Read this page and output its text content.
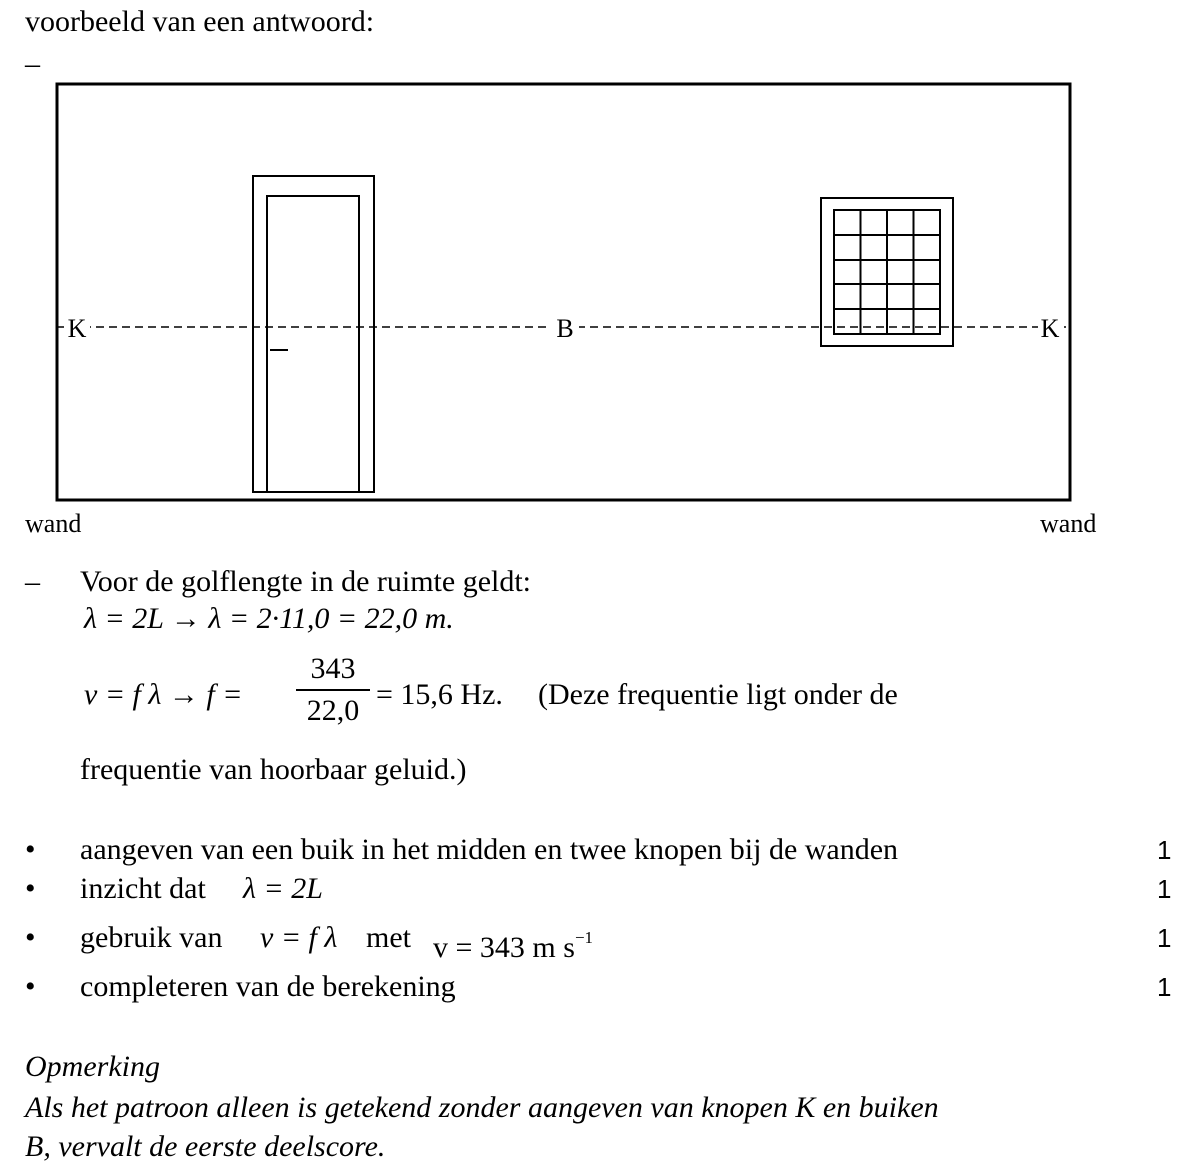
voorbeeld van een antwoord:
–
K	B	K
wand	wand
– Voor de golflengte in de ruimte geldt:
λ = 2L → λ = 2·11,0 = 22,0 m.
v = f λ → f =
343
22,0 = 15,6 Hz. (Deze frequentie ligt onder de
frequentie van hoorbaar geluid.)
• aangeven van een buik in het midden en twee knopen bij de wanden	1
• inzicht dat λ = 2L	1
• gebruik van v = f λ met v = 343 m $s^{-1}$	1
• completeren van de berekening	1
Opmerking
Als het patroon alleen is getekend zonder aangeven van knopen K en buiken
B, vervalt de eerste deelscore.
